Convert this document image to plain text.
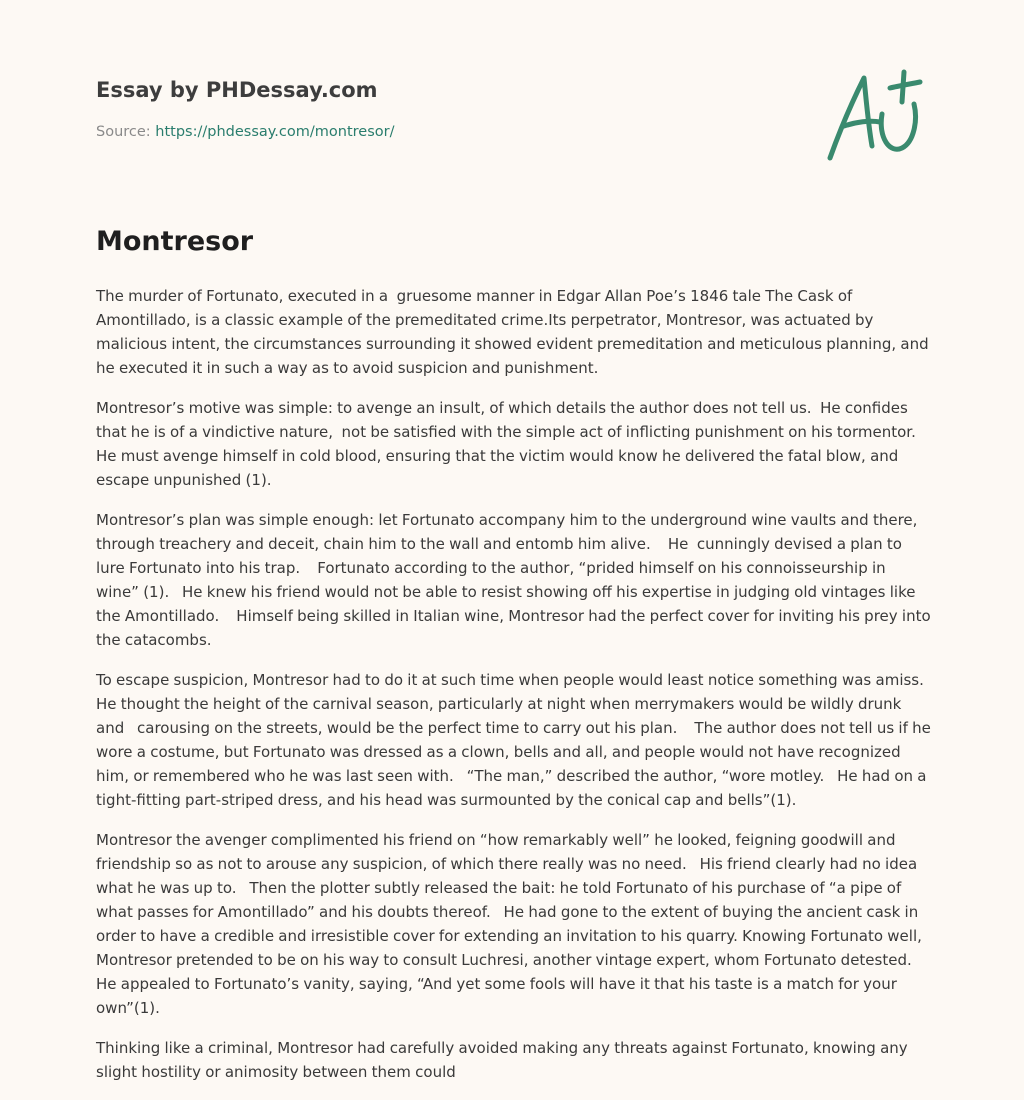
Essay by PHDessay.com
Source: https://phdessay.com/montresor/
Montresor

The murder of Fortunato, executed in a  gruesome manner in Edgar Allan Poe’s 1846 tale The Cask of Amontillado, is a classic example of the premeditated crime.Its perpetrator, Montresor, was actuated by malicious intent, the circumstances surrounding it showed evident premeditation and meticulous planning, and he executed it in such a way as to avoid suspicion and punishment.

Montresor’s motive was simple: to avenge an insult, of which details the author does not tell us.  He confides that he is of a vindictive nature,  not be satisfied with the simple act of inflicting punishment on his tormentor. He must avenge himself in cold blood, ensuring that the victim would know he delivered the fatal blow, and escape unpunished (1).

Montresor’s plan was simple enough: let Fortunato accompany him to the underground wine vaults and there, through treachery and deceit, chain him to the wall and entomb him alive.    He  cunningly devised a plan to lure Fortunato into his trap.    Fortunato according to the author, “prided himself on his connoisseurship in wine” (1).   He knew his friend would not be able to resist showing off his expertise in judging old vintages like the Amontillado.    Himself being skilled in Italian wine, Montresor had the perfect cover for inviting his prey into the catacombs.

To escape suspicion, Montresor had to do it at such time when people would least notice something was amiss.    He thought the height of the carnival season, particularly at night when merrymakers would be wildly drunk and   carousing on the streets, would be the perfect time to carry out his plan.    The author does not tell us if he wore a costume, but Fortunato was dressed as a clown, bells and all, and people would not have recognized him, or remembered who he was last seen with.   “The man,” described the author, “wore motley.   He had on a tight-fitting part-striped dress, and his head was surmounted by the conical cap and bells”(1).

Montresor the avenger complimented his friend on “how remarkably well” he looked, feigning goodwill and friendship so as not to arouse any suspicion, of which there really was no need.   His friend clearly had no idea what he was up to.   Then the plotter subtly released the bait: he told Fortunato of his purchase of “a pipe of what passes for Amontillado” and his doubts thereof.   He had gone to the extent of buying the ancient cask in order to have a credible and irresistible cover for extending an invitation to his quarry. Knowing Fortunato well, Montresor pretended to be on his way to consult Luchresi, another vintage expert, whom Fortunato detested.  He appealed to Fortunato’s vanity, saying, “And yet some fools will have it that his taste is a match for your own”(1).

Thinking like a criminal, Montresor had carefully avoided making any threats against Fortunato, knowing any slight hostility or animosity between them could
